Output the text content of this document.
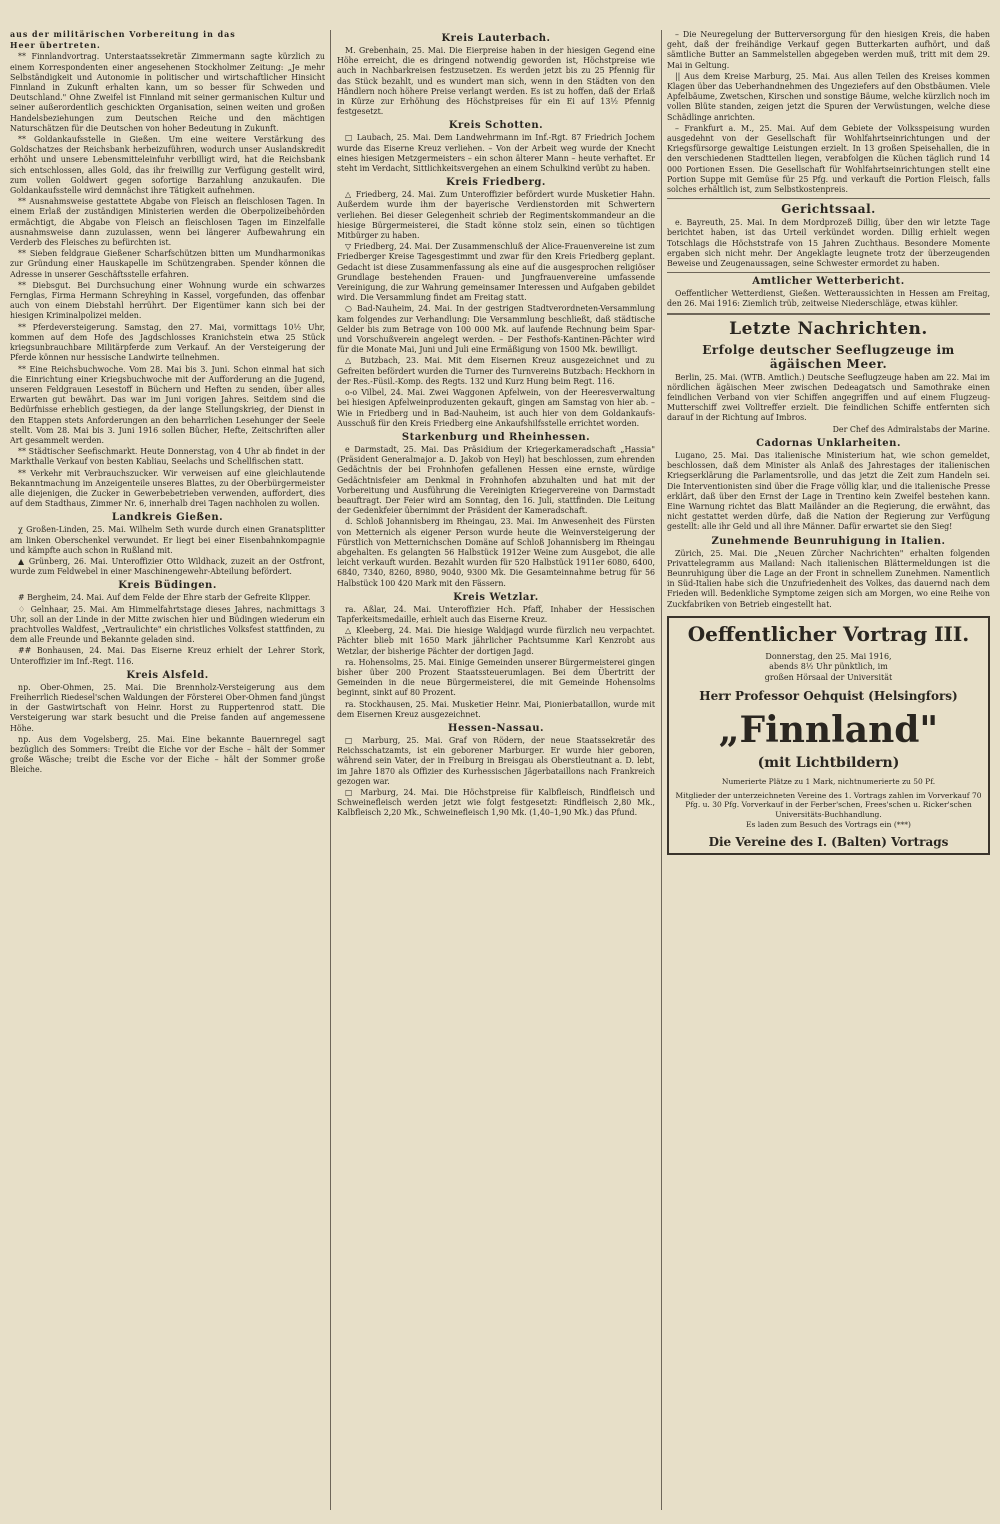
aus der militärischen Vorbereitung in das

Heer übertreten.

** Finnlandvortrag. Unterstaatssekretär Zimmermann sagte kürzlich zu einem Korrespondenten einer angesehenen Stockholmer Zeitung: „Je mehr Selbständigkeit und Autonomie in politischer und wirtschaftlicher Hinsicht Finnland in Zukunft erhalten kann, um so besser für Schweden und Deutschland." Ohne Zweifel ist Finnland mit seiner germanischen Kultur und seiner außerordentlich geschickten Organisation, seinen weiten und großen Handelsbeziehungen zum Deutschen Reiche und den mächtigen Naturschätzen für die Deutschen von hoher Bedeutung in Zukunft.

** Goldankaufsstelle in Gießen. Um eine weitere Verstärkung des Goldschatzes der Reichsbank herbeizuführen, wodurch unser Auslandskredit erhöht und unsere Lebensmitteleinfuhr verbilligt wird, hat die Reichsbank sich entschlossen, alles Gold, das ihr freiwillig zur Verfügung gestellt wird, zum vollen Goldwert gegen sofortige Barzahlung anzukaufen. Die Goldankaufsstelle wird demnächst ihre Tätigkeit aufnehmen.

** Ausnahmsweise gestattete Abgabe von Fleisch an fleischlosen Tagen. In einem Erlaß der zuständigen Ministerien werden die Oberpolizeibehörden ermächtigt, die Abgabe von Fleisch an fleischlosen Tagen im Einzelfalle ausnahmsweise dann zuzulassen, wenn bei längerer Aufbewahrung ein Verderb des Fleisches zu befürchten ist.

** Sieben feldgraue Gießener Scharfschützen bitten um Mundharmonikas zur Gründung einer Hauskapelle im Schützengraben. Spender können die Adresse in unserer Geschäftsstelle erfahren.

** Diebsgut. Bei Durchsuchung einer Wohnung wurde ein schwarzes Fernglas, Firma Hermann Schreyhing in Kassel, vorgefunden, das offenbar auch von einem Diebstahl herrührt. Der Eigentümer kann sich bei der hiesigen Kriminalpolizei melden.

** Pferdeversteigerung. Samstag, den 27. Mai, vormittags 10½ Uhr, kommen auf dem Hofe des Jagdschlosses Kranichstein etwa 25 Stück kriegsunbrauchbare Militärpferde zum Verkauf. An der Versteigerung der Pferde können nur hessische Landwirte teilnehmen.

** Eine Reichsbuchwoche. Vom 28. Mai bis 3. Juni. Schon einmal hat sich die Einrichtung einer Kriegsbuchwoche mit der Aufforderung an die Jugend, unseren Feldgrauen Lesestoff in Büchern und Heften zu senden, über alles Erwarten gut bewährt. Das war im Juni vorigen Jahres. Seitdem sind die Bedürfnisse erheblich gestiegen, da der lange Stellungskrieg, der Dienst in den Etappen stets Anforderungen an den beharrlichen Lesehunger der Seele stellt. Vom 28. Mai bis 3. Juni 1916 sollen Bücher, Hefte, Zeitschriften aller Art gesammelt werden.

** Städtischer Seefischmarkt. Heute Donnerstag, von 4 Uhr ab findet in der Markthalle Verkauf von besten Kabliau, Seelachs und Schellfischen statt.

** Verkehr mit Verbrauchszucker. Wir verweisen auf eine gleichlautende Bekanntmachung im Anzeigenteile unseres Blattes, zu der Oberbürgermeister alle diejenigen, die Zucker in Gewerbebetrieben verwenden, auffordert, dies auf dem Stadthaus, Zimmer Nr. 6, innerhalb drei Tagen nachholen zu wollen.

Landkreis Gießen.

χ Großen-Linden, 25. Mai. Wilhelm Seth wurde durch einen Granatsplitter am linken Oberschenkel verwundet. Er liegt bei einer Eisenbahnkompagnie und kämpfte auch schon in Rußland mit.

▲ Grünberg, 26. Mai. Unteroffizier Otto Wildhack, zuzeit an der Ostfront, wurde zum Feldwebel in einer Maschinengewehr-Abteilung befördert.

Kreis Büdingen.

# Bergheim, 24. Mai. Auf dem Felde der Ehre starb der Gefreite Klipper.

♢ Gelnhaar, 25. Mai. Am Himmelfahrtstage dieses Jahres, nachmittags 3 Uhr, soll an der Linde in der Mitte zwischen hier und Büdingen wiederum ein prachtvolles Waldfest, „Vertraulichte" ein christliches Volksfest stattfinden, zu dem alle Freunde und Bekannte geladen sind.

## Bonhausen, 24. Mai. Das Eiserne Kreuz erhielt der Lehrer Stork, Unteroffizier im Inf.-Regt. 116.

Kreis Alsfeld.

np. Ober-Ohmen, 25. Mai. Die Brennholz-Versteigerung aus dem Freiherrlich Riedesel'schen Waldungen der Försterei Ober-Ohmen fand jüngst in der Gastwirtschaft von Heinr. Horst zu Ruppertenrod statt. Die Versteigerung war stark besucht und die Preise fanden auf angemessene Höhe.

np. Aus dem Vogelsberg, 25. Mai. Eine bekannte Bauernregel sagt bezüglich des Sommers: Treibt die Eiche vor der Esche – hält der Sommer große Wäsche; treibt die Esche vor der Eiche – hält der Sommer große Bleiche.

Kreis Lauterbach.

M. Grebenhain, 25. Mai. Die Eierpreise haben in der hiesigen Gegend eine Höhe erreicht, die es dringend notwendig geworden ist, Höchstpreise wie auch in Nachbarkreisen festzusetzen. Es werden jetzt bis zu 25 Pfennig für das Stück bezahlt, und es wundert man sich, wenn in den Städten von den Händlern noch höhere Preise verlangt werden. Es ist zu hoffen, daß der Erlaß in Kürze zur Erhöhung des Höchstpreises für ein Ei auf 13½ Pfennig festgesetzt.

Kreis Schotten.

□ Laubach, 25. Mai. Dem Landwehrmann im Inf.-Rgt. 87 Friedrich Jochem wurde das Eiserne Kreuz verliehen. – Von der Arbeit weg wurde der Knecht eines hiesigen Metzgermeisters – ein schon älterer Mann – heute verhaftet. Er steht im Verdacht, Sittlichkeitsvergehen an einem Schulkind verübt zu haben.

Kreis Friedberg.

△ Friedberg, 24. Mai. Zum Unteroffizier befördert wurde Musketier Hahn. Außerdem wurde ihm der bayerische Verdienstorden mit Schwertern verliehen. Bei dieser Gelegenheit schrieb der Regimentskommandeur an die hiesige Bürgermeisterei, die Stadt könne stolz sein, einen so tüchtigen Mitbürger zu haben.

▽ Friedberg, 24. Mai. Der Zusammenschluß der Alice-Frauenvereine ist zum Friedberger Kreise Tagesgestimmt und zwar für den Kreis Friedberg geplant. Gedacht ist diese Zusammenfassung als eine auf die ausgesprochen religiöser Grundlage bestehenden Frauen- und Jungfrauenvereine umfassende Vereinigung, die zur Wahrung gemeinsamer Interessen und Aufgaben gebildet wird. Die Versammlung findet am Freitag statt.

○ Bad-Nauheim, 24. Mai. In der gestrigen Stadtverordneten-Versammlung kam folgendes zur Verhandlung: Die Versammlung beschließt, daß städtische Gelder bis zum Betrage von 100 000 Mk. auf laufende Rechnung beim Spar- und Vorschußverein angelegt werden. – Der Festhofs-Kantinen-Pächter wird für die Monate Mai, Juni und Juli eine Ermäßigung von 1500 Mk. bewilligt.

△ Butzbach, 23. Mai. Mit dem Eisernen Kreuz ausgezeichnet und zu Gefreiten befördert wurden die Turner des Turnvereins Butzbach: Heckhorn in der Res.-Füsil.-Komp. des Regts. 132 und Kurz Hung beim Regt. 116.

o-o Vilbel, 24. Mai. Zwei Waggonen Apfelwein, von der Heeresverwaltung bei hiesigen Apfelweinproduzenten gekauft, gingen am Samstag von hier ab. – Wie in Friedberg und in Bad-Nauheim, ist auch hier von dem Goldankaufs-Ausschuß für den Kreis Friedberg eine Ankaufshilfsstelle errichtet worden.

Starkenburg und Rheinhessen.

e Darmstadt, 25. Mai. Das Präsidium der Kriegerkameradschaft „Hassia" (Präsident Generalmajor a. D. Jakob von Heyl) hat beschlossen, zum ehrenden Gedächtnis der bei Frohnhofen gefallenen Hessen eine ernste, würdige Gedächtnisfeier am Denkmal in Frohnhofen abzuhalten und hat mit der Vorbereitung und Ausführung die Vereinigten Kriegervereine von Darmstadt beauftragt. Der Feier wird am Sonntag, den 16. Juli, stattfinden. Die Leitung der Gedenkfeier übernimmt der Präsident der Kameradschaft.

d. Schloß Johannisberg im Rheingau, 23. Mai. Im Anwesenheit des Fürsten von Metternich als eigener Person wurde heute die Weinversteigerung der Fürstlich von Metternichschen Domäne auf Schloß Johannisberg im Rheingau abgehalten. Es gelangten 56 Halbstück 1912er Weine zum Ausgebot, die alle leicht verkauft wurden. Bezahlt wurden für 520 Halbstück 1911er 6080, 6400, 6840, 7340, 8260, 8980, 9040, 9300 Mk. Die Gesamteinnahme betrug für 56 Halbstück 100 420 Mark mit den Fässern.

Kreis Wetzlar.

ra. Aßlar, 24. Mai. Unteroffizier Hch. Pfaff, Inhaber der Hessischen Tapferkeitsmedaille, erhielt auch das Eiserne Kreuz.

△ Kleeberg, 24. Mai. Die hiesige Waldjagd wurde fürzlich neu verpachtet. Pächter blieb mit 1650 Mark jährlicher Pachtsumme Karl Kenzrobt aus Wetzlar, der bisherige Pächter der dortigen Jagd.

ra. Hohensolms, 25. Mai. Einige Gemeinden unserer Bürgermeisterei gingen bisher über 200 Prozent Staatssteuerumlagen. Bei dem Übertritt der Gemeinden in die neue Bürgermeisterei, die mit Gemeinde Hohensolms beginnt, sinkt auf 80 Prozent.

ra. Stockhausen, 25. Mai. Musketier Heinr. Mai, Pionierbataillon, wurde mit dem Eisernen Kreuz ausgezeichnet.

Hessen-Nassau.

□ Marburg, 25. Mai. Graf von Rödern, der neue Staatssekretär des Reichsschatzamts, ist ein geborener Marburger. Er wurde hier geboren, während sein Vater, der in Freiburg in Breisgau als Oberstleutnant a. D. lebt, im Jahre 1870 als Offizier des Kurhessischen Jägerbataillons nach Frankreich gezogen war.

□ Marburg, 24. Mai. Die Höchstpreise für Kalbfleisch, Rindfleisch und Schweinefleisch werden jetzt wie folgt festgesetzt: Rindfleisch 2,80 Mk., Kalbfleisch 2,20 Mk., Schweinefleisch 1,90 Mk. (1,40–1,90 Mk.) das Pfund.

– Die Neuregelung der Butterversorgung für den hiesigen Kreis, die haben geht, daß der freihändige Verkauf gegen Butterkarten aufhört, und daß sämtliche Butter an Sammelstellen abgegeben werden muß, tritt mit dem 29. Mai in Geltung.

|| Aus dem Kreise Marburg, 25. Mai. Aus allen Teilen des Kreises kommen Klagen über das Ueberhandnehmen des Ungeziefers auf den Obstbäumen. Viele Apfelbäume, Zwetschen, Kirschen und sonstige Bäume, welche kürzlich noch im vollen Blüte standen, zeigen jetzt die Spuren der Verwüstungen, welche diese Schädlinge anrichten.

– Frankfurt a. M., 25. Mai. Auf dem Gebiete der Volksspeisung wurden ausgedehnt von der Gesellschaft für Wohlfahrtseinrichtungen und der Kriegsfürsorge gewaltige Leistungen erzielt. In 13 großen Speisehallen, die in den verschiedenen Stadtteilen liegen, verabfolgen die Küchen täglich rund 14 000 Portionen Essen. Die Gesellschaft für Wohlfahrtseinrichtungen stellt eine Portion Suppe mit Gemüse für 25 Pfg. und verkauft die Portion Fleisch, falls solches erhältlich ist, zum Selbstkostenpreis.

Gerichtssaal.

e. Bayreuth, 25. Mai. In dem Mordprozeß Dillig, über den wir letzte Tage berichtet haben, ist das Urteil verkündet worden. Dillig erhielt wegen Totschlags die Höchststrafe von 15 Jahren Zuchthaus. Besondere Momente ergaben sich nicht mehr. Der Angeklagte leugnete trotz der überzeugenden Beweise und Zeugenaussagen, seine Schwester ermordet zu haben.

Amtlicher Wetterbericht.

Oeffentlicher Wetterdienst, Gießen. Wetteraussichten in Hessen am Freitag, den 26. Mai 1916: Ziemlich trüb, zeitweise Niederschläge, etwas kühler.

Letzte Nachrichten.
Erfolge deutscher Seeflugzeuge im ägäischen Meer.

Berlin, 25. Mai. (WTB. Amtlich.) Deutsche Seeflugzeuge haben am 22. Mai im nördlichen ägäischen Meer zwischen Dedeagatsch und Samothrake einen feindlichen Verband von vier Schiffen angegriffen und auf einem Flugzeug-Mutterschiff zwei Volltreffer erzielt. Die feindlichen Schiffe entfernten sich darauf in der Richtung auf Imbros.

Der Chef des Admiralstabs der Marine.

Cadornas Unklarheiten.

Lugano, 25. Mai. Das italienische Ministerium hat, wie schon gemeldet, beschlossen, daß dem Minister als Anlaß des Jahrestages der italienischen Kriegserklärung die Parlamentsrolle, und das jetzt die Zeit zum Handeln sei. Die Interventionisten sind über die Frage völlig klar, und die italienische Presse erklärt, daß über den Ernst der Lage in Trentino kein Zweifel bestehen kann. Eine Warnung richtet das Blatt Mailänder an die Regierung, die erwähnt, das nicht gestattet werden dürfe, daß die Nation der Regierung zur Verfügung gestellt: alle ihr Geld und all ihre Männer. Dafür erwartet sie den Sieg!

Zunehmende Beunruhigung in Italien.

Zürich, 25. Mai. Die „Neuen Zürcher Nachrichten" erhalten folgenden Privattelegramm aus Mailand: Nach italienischen Blättermeldungen ist die Beunruhigung über die Lage an der Front in schnellem Zunehmen. Namentlich in Süd-Italien habe sich die Unzufriedenheit des Volkes, das dauernd nach dem Frieden will. Bedenkliche Symptome zeigen sich am Morgen, wo eine Reihe von Zuckfabriken von Betrieb eingestellt hat.

Oeffentlicher Vortrag III.

Donnerstag, den 25. Mai 1916,

abends 8½ Uhr pünktlich, im

großen Hörsaal der Universität

Herr Professor Oehquist (Helsingfors)
„Finnland"
(mit Lichtbildern)

Numerierte Plätze zu 1 Mark, nichtnumerierte zu 50 Pf.

Mitglieder der unterzeichneten Vereine des 1. Vortrags zahlen im Vorverkauf 70 Pfg. u. 30 Pfg. Vorverkauf in der Ferber'schen, Frees'schen u. Ricker'schen Universitäts-Buchhandlung.

Es laden zum Besuch des Vortrags ein (***)

Die Vereine des I. (Balten) Vortrags
